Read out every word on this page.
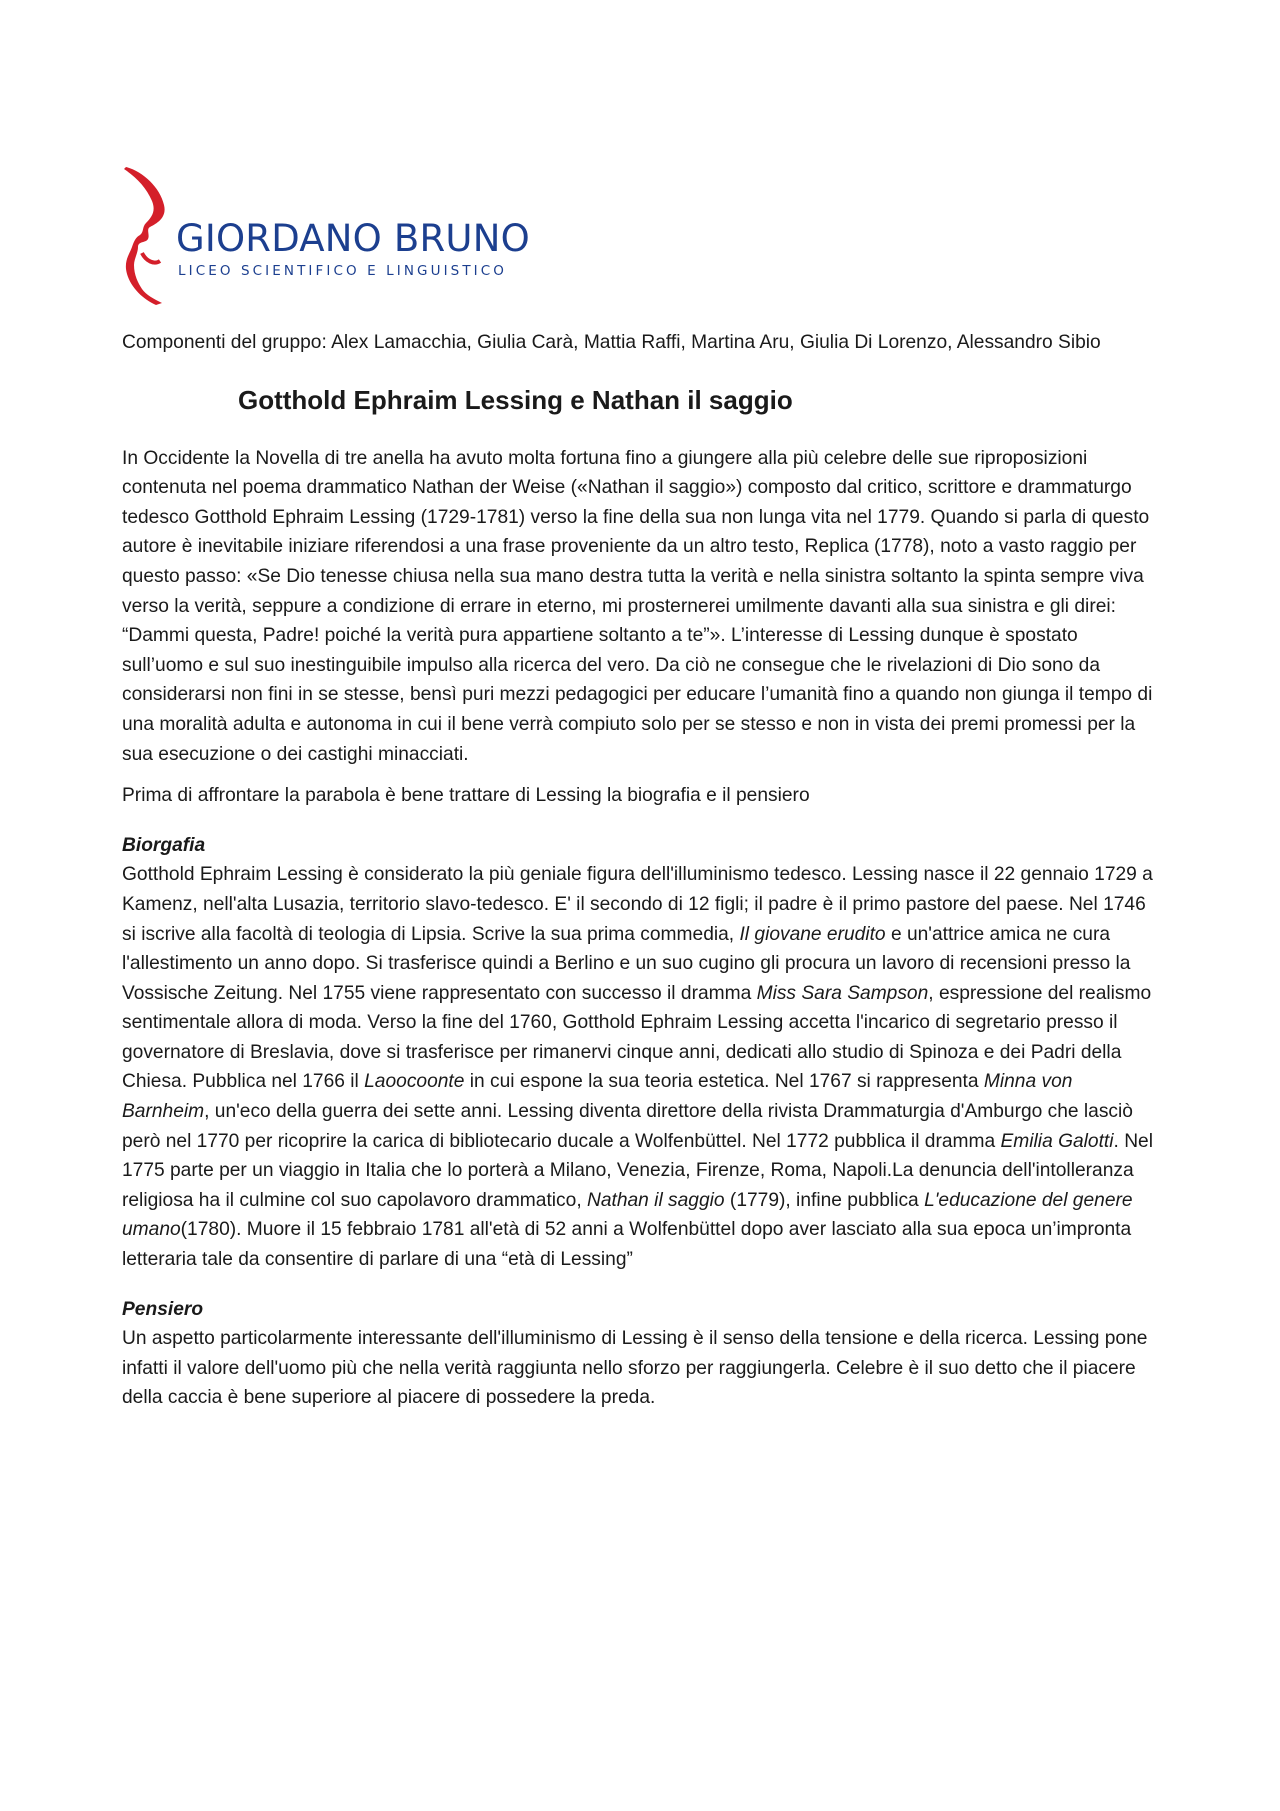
GIORDANO BRUNO
LICEO SCIENTIFICO E LINGUISTICO

Componenti del gruppo: Alex Lamacchia, Giulia Carà, Mattia Raffi, Martina Aru, Giulia Di Lorenzo, Alessandro Sibio

Gotthold Ephraim Lessing e Nathan il saggio

In Occidente la Novella di tre anella ha avuto molta fortuna fino a giungere alla più celebre delle sue riproposizioni contenuta nel poema drammatico Nathan der Weise («Nathan il saggio») composto dal critico, scrittore e drammaturgo tedesco Gotthold Ephraim Lessing (1729-1781) verso la fine della sua non lunga vita nel 1779. Quando si parla di questo autore è inevitabile iniziare riferendosi a una frase proveniente da un altro testo, Replica (1778), noto a vasto raggio per questo passo: «Se Dio tenesse chiusa nella sua mano destra tutta la verità e nella sinistra soltanto la spinta sempre viva verso la verità, seppure a condizione di errare in eterno, mi prosternerei umilmente davanti alla sua sinistra e gli direi: “Dammi questa, Padre! poiché la verità pura appartiene soltanto a te”». L’interesse di Lessing dunque è spostato sull’uomo e sul suo inestinguibile impulso alla ricerca del vero. Da ciò ne consegue che le rivelazioni di Dio sono da considerarsi non fini in se stesse, bensì puri mezzi pedagogici per educare l’umanità fino a quando non giunga il tempo di una moralità adulta e autonoma in cui il bene verrà compiuto solo per se stesso e non in vista dei premi promessi per la sua esecuzione o dei castighi minacciati.

Prima di affrontare la parabola è bene trattare di Lessing la biografia e il pensiero

Biorgafia

Gotthold Ephraim Lessing è considerato la più geniale figura dell'illuminismo tedesco. Lessing nasce il 22 gennaio 1729 a Kamenz, nell'alta Lusazia, territorio slavo-tedesco. E' il secondo di 12 figli; il padre è il primo pastore del paese. Nel 1746 si iscrive alla facoltà di teologia di Lipsia. Scrive la sua prima commedia, Il giovane erudito e un'attrice amica ne cura l'allestimento un anno dopo. Si trasferisce quindi a Berlino e un suo cugino gli procura un lavoro di recensioni presso la Vossische Zeitung. Nel 1755 viene rappresentato con successo il dramma Miss Sara Sampson, espressione del realismo sentimentale allora di moda. Verso la fine del 1760, Gotthold Ephraim Lessing accetta l'incarico di segretario presso il governatore di Breslavia, dove si trasferisce per rimanervi cinque anni, dedicati allo studio di Spinoza e dei Padri della Chiesa. Pubblica nel 1766 il Laoocoonte in cui espone la sua teoria estetica. Nel 1767 si rappresenta Minna von Barnheim, un'eco della guerra dei sette anni. Lessing diventa direttore della rivista Drammaturgia d'Amburgo che lasciò però nel 1770 per ricoprire la carica di bibliotecario ducale a Wolfenbüttel. Nel 1772 pubblica il dramma Emilia Galotti. Nel 1775 parte per un viaggio in Italia che lo porterà a Milano, Venezia, Firenze, Roma, Napoli.La denuncia dell'intolleranza religiosa ha il culmine col suo capolavoro drammatico, Nathan il saggio (1779), infine pubblica L'educazione del genere umano(1780). Muore il 15 febbraio 1781 all'età di 52 anni a Wolfenbüttel dopo aver lasciato alla sua epoca un’impronta letteraria tale da consentire di parlare di una “età di Lessing”

Pensiero

Un aspetto particolarmente interessante dell'illuminismo di Lessing è il senso della tensione e della ricerca. Lessing pone infatti il valore dell'uomo più che nella verità raggiunta nello sforzo per raggiungerla. Celebre è il suo detto che il piacere della caccia è bene superiore al piacere di possedere la preda.
